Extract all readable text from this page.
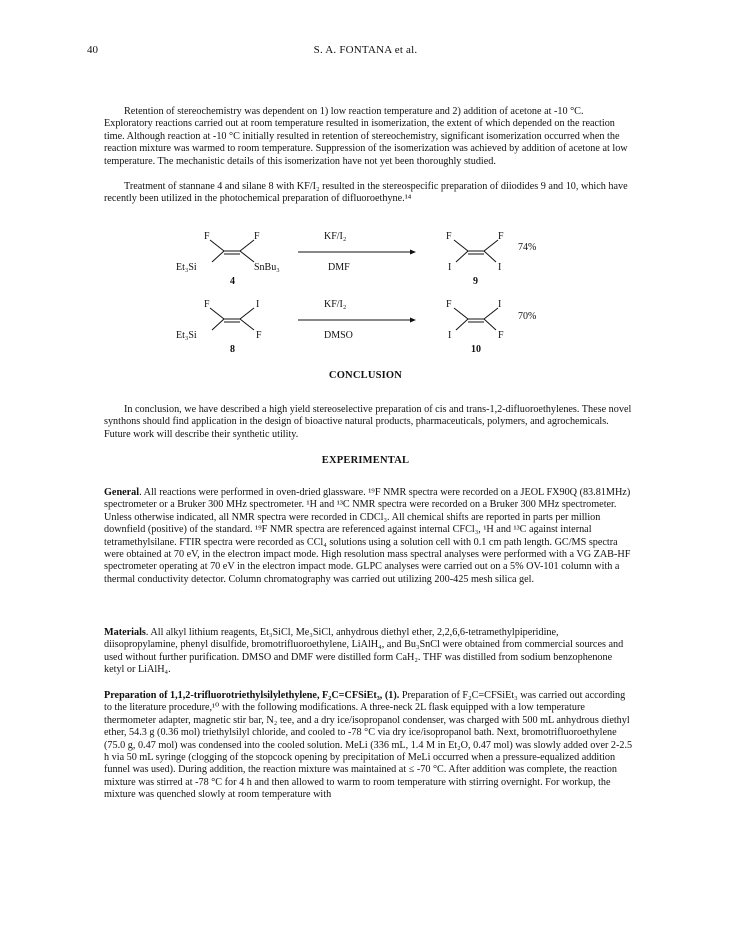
40	S. A. FONTANA et al.
Retention of stereochemistry was dependent on 1) low reaction temperature and 2) addition of acetone at -10 °C. Exploratory reactions carried out at room temperature resulted in isomerization, the extent of which depended on the reaction time. Although reaction at -10 °C initially resulted in retention of stereochemistry, significant isomerization occurred when the reaction mixture was warmed to room temperature. Suppression of the isomerization was achieved by addition of acetone at low temperature. The mechanistic details of this isomerization have not yet been thoroughly studied.
Treatment of stannane 4 and silane 8 with KF/I₂ resulted in the stereospecific preparation of diiodides 9 and 10, which have recently been utilized in the photochemical preparation of difluoroethyne.¹⁴
F	F
Et₃Si	SnBu₃
4
KF/I₂
DMF
F	F
I	I
9
74%
F	I
Et₃Si	F
8
KF/I₂
DMSO
F	I
I	F
10
70%
CONCLUSION
In conclusion, we have described a high yield stereoselective preparation of cis and trans-1,2-difluoroethylenes. These novel synthons should find application in the design of bioactive natural products, pharmaceuticals, polymers, and agrochemicals. Future work will describe their synthetic utility.
EXPERIMENTAL
General. All reactions were performed in oven-dried glassware. ¹⁹F NMR spectra were recorded on a JEOL FX90Q (83.81MHz) spectrometer or a Bruker 300 MHz spectrometer. ¹H and ¹³C NMR spectra were recorded on a Bruker 300 MHz spectrometer. Unless otherwise indicated, all NMR spectra were recorded in CDCl₃. All chemical shifts are reported in parts per million downfield (positive) of the standard. ¹⁹F NMR spectra are referenced against internal CFCl₃, ¹H and ¹³C against internal tetramethylsilane. FTIR spectra were recorded as CCl₄ solutions using a solution cell with 0.1 cm path length. GC/MS spectra were obtained at 70 eV, in the electron impact mode. High resolution mass spectral analyses were performed with a VG ZAB-HF spectrometer operating at 70 eV in the electron impact mode. GLPC analyses were carried out on a 5% OV-101 column with a thermal conductivity detector. Column chromatography was carried out utilizing 200-425 mesh silica gel.
Materials. All alkyl lithium reagents, Et₃SiCl, Me₃SiCl, anhydrous diethyl ether, 2,2,6,6-tetramethylpiperidine, diisopropylamine, phenyl disulfide, bromotrifluoroethylene, LiAlH₄, and Bu₃SnCl were obtained from commercial sources and used without further purification. DMSO and DMF were distilled form CaH₂. THF was distilled from sodium benzophenone ketyl or LiAlH₄.
Preparation of 1,1,2-trifluorotriethylsilylethylene, F₂C=CFSiEt₃, (1). Preparation of F₂C=CFSiEt₃ was carried out according to the literature procedure,¹⁰ with the following modifications. A three-neck 2L flask equipped with a low temperature thermometer adapter, magnetic stir bar, N₂ tee, and a dry ice/isopropanol condenser, was charged with 500 mL anhydrous diethyl ether, 54.3 g (0.36 mol) triethylsilyl chloride, and cooled to -78 °C via dry ice/isopropanol bath. Next, bromotrifluoroethylene (75.0 g, 0.47 mol) was condensed into the cooled solution. MeLi (336 mL, 1.4 M in Et₂O, 0.47 mol) was slowly added over 2-2.5 h via 50 mL syringe (clogging of the stopcock opening by precipitation of MeLi occurred when a pressure-equalized addition funnel was used). During addition, the reaction mixture was maintained at ≤ -70 °C. After addition was complete, the reaction mixture was stirred at -78 °C for 4 h and then allowed to warm to room temperature with stirring overnight. For workup, the mixture was quenched slowly at room temperature with
